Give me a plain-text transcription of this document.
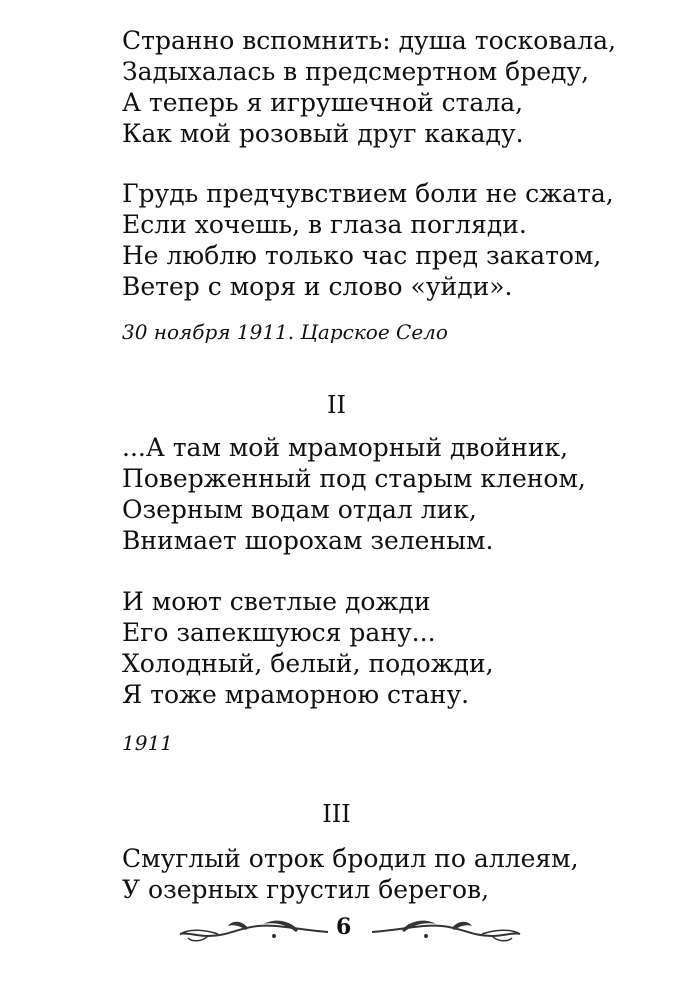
Странно вспомнить: душа тосковала,
Задыхалась в предсмертном бреду,
А теперь я игрушечной стала,
Как мой розовый друг какаду.
Грудь предчувствием боли не сжата,
Если хочешь, в глаза погляди.
Не люблю только час пред закатом,
Ветер с моря и слово «уйди».
30 ноября 1911. Царское Село
II
...А там мой мраморный двойник,
Поверженный под старым кленом,
Озерным водам отдал лик,
Внимает шорохам зеленым.
И моют светлые дожди
Его запекшуюся рану...
Холодный, белый, подожди,
Я тоже мраморною стану.
1911
III
Смуглый отрок бродил по аллеям,
У озерных грустил берегов,
6
